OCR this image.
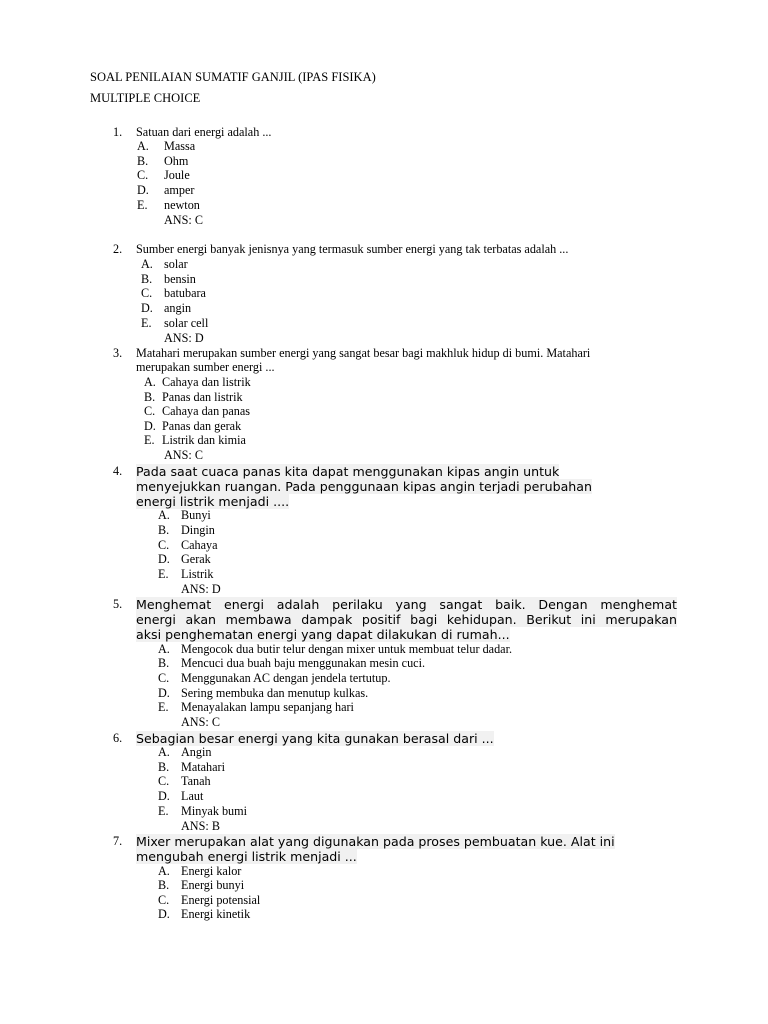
SOAL PENILAIAN SUMATIF GANJIL (IPAS FISIKA)
MULTIPLE CHOICE
1. Satuan dari energi adalah ...
A. Massa
B. Ohm
C. Joule
D. amper
E. newton
ANS: C
2. Sumber energi banyak jenisnya yang termasuk sumber energi yang tak terbatas adalah ...
A. solar
B. bensin
C. batubara
D. angin
E. solar cell
ANS: D
3. Matahari merupakan sumber energi yang sangat besar bagi makhluk hidup di bumi. Matahari
merupakan sumber energi ...
A. Cahaya dan listrik
B. Panas dan listrik
C. Cahaya dan panas
D. Panas dan gerak
E. Listrik dan kimia
ANS: C
4. Pada saat cuaca panas kita dapat menggunakan kipas angin untuk
menyejukkan ruangan. Pada penggunaan kipas angin terjadi perubahan
energi listrik menjadi ....
A. Bunyi
B. Dingin
C. Cahaya
D. Gerak
E. Listrik
ANS: D
5. Menghemat energi adalah perilaku yang sangat baik. Dengan menghemat
energi akan membawa dampak positif bagi kehidupan. Berikut ini merupakan
aksi penghematan energi yang dapat dilakukan di rumah...
A. Mengocok dua butir telur dengan mixer untuk membuat telur dadar.
B. Mencuci dua buah baju menggunakan mesin cuci.
C. Menggunakan AC dengan jendela tertutup.
D. Sering membuka dan menutup kulkas.
E. Menayalakan lampu sepanjang hari
ANS: C
6. Sebagian besar energi yang kita gunakan berasal dari ...
A. Angin
B. Matahari
C. Tanah
D. Laut
E. Minyak bumi
ANS: B
7. Mixer merupakan alat yang digunakan pada proses pembuatan kue. Alat ini
mengubah energi listrik menjadi ...
A. Energi kalor
B. Energi bunyi
C. Energi potensial
D. Energi kinetik
